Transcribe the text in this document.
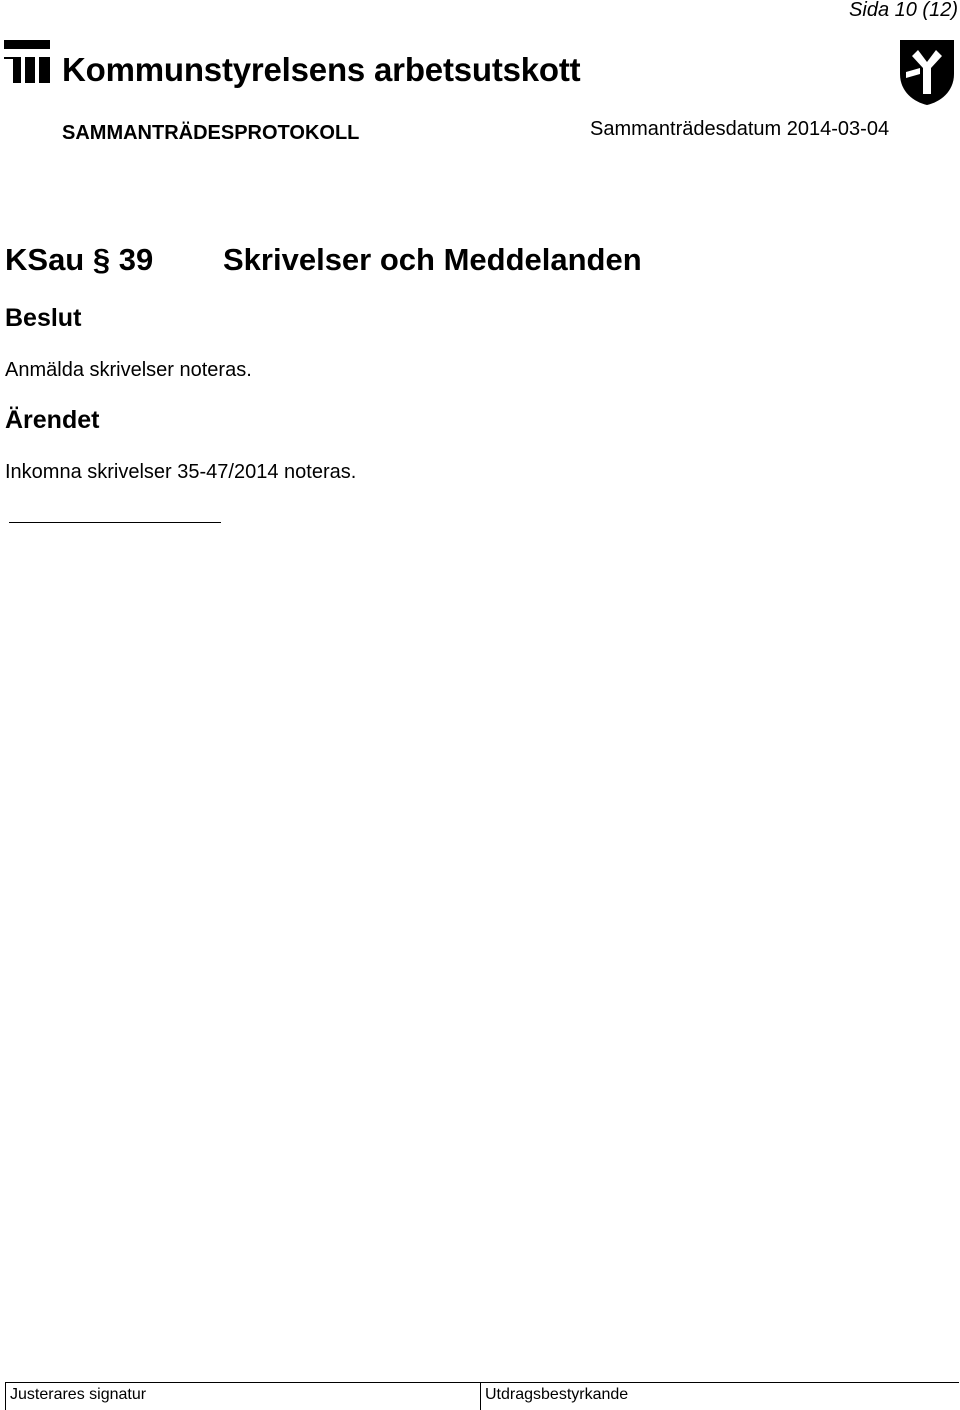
Sida 10 (12)
Kommunstyrelsens arbetsutskott
SAMMANTRÄDESPROTOKOLL	Sammanträdesdatum 2014-03-04
KSau § 39 Skrivelser och Meddelanden
Beslut
Anmälda skrivelser noteras.
Ärendet
Inkomna skrivelser 35-47/2014 noteras.
Justerares signatur	Utdragsbestyrkande
